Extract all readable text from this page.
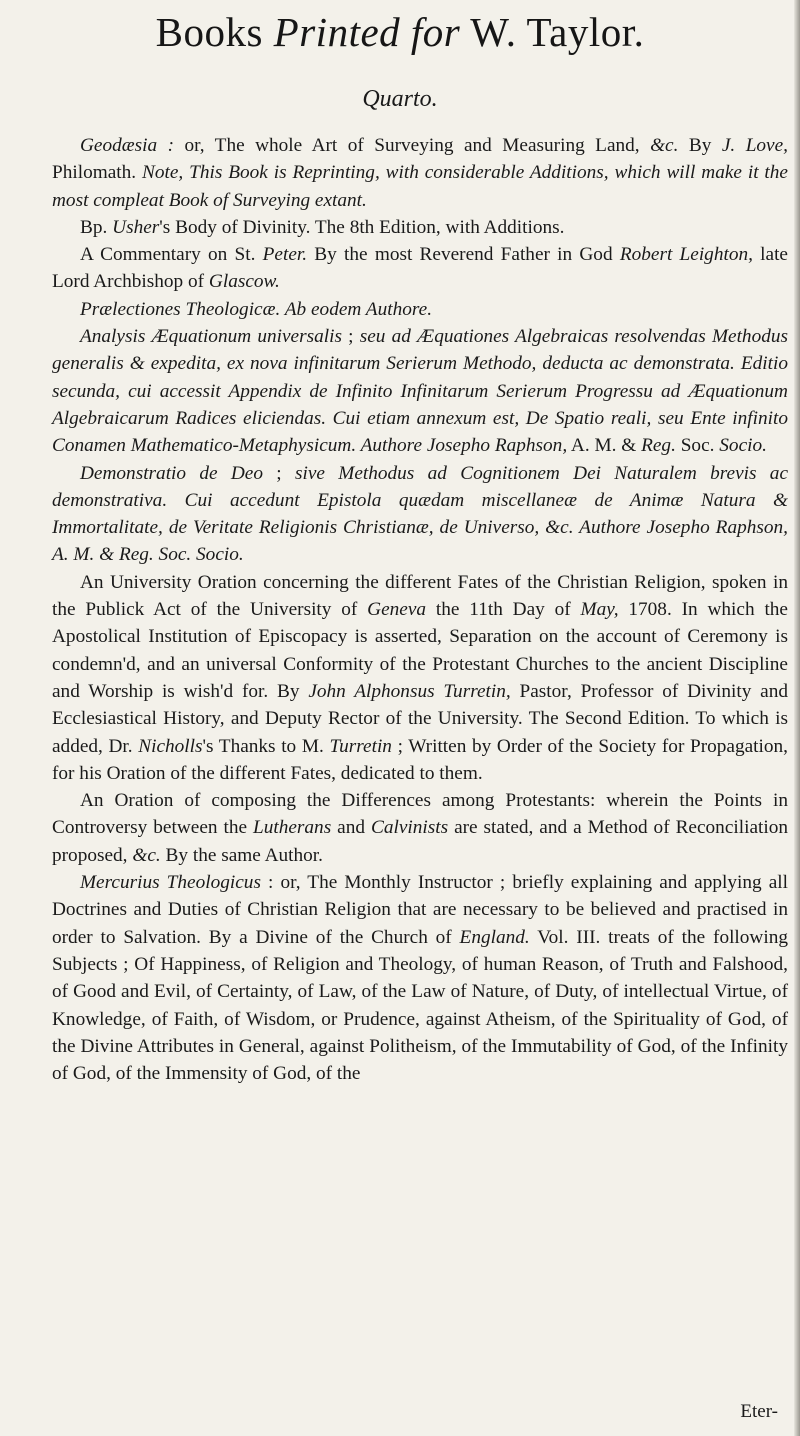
Books Printed for W. Taylor.
Quarto.

Geodæsia : or, The whole Art of Surveying and Measuring Land, &c. By J. Love, Philomath. Note, This Book is Reprinting, with considerable Additions, which will make it the most compleat Book of Surveying extant.

Bp. Usher's Body of Divinity. The 8th Edition, with Additions.

A Commentary on St. Peter. By the most Reverend Father in God Robert Leighton, late Lord Archbishop of Glascow.

Prælectiones Theologicæ. Ab eodem Authore.

Analysis Æquationum universalis ; seu ad Æquationes Algebraicas resolvendas Methodus generalis & expedita, ex nova infinitarum Serierum Methodo, deducta ac demonstrata. Editio secunda, cui accessit Appendix de Infinito Infinitarum Serierum Progressu ad Æquationum Algebraicarum Radices eliciendas. Cui etiam annexum est, De Spatio reali, seu Ente infinito Conamen Mathematico-Metaphysicum. Authore Josepho Raphson, A. M. & Reg. Soc. Socio.

Demonstratio de Deo ; sive Methodus ad Cognitionem Dei Naturalem brevis ac demonstrativa. Cui accedunt Epistola quædam miscellaneæ de Animæ Natura & Immortalitate, de Veritate Religionis Christianæ, de Universo, &c. Authore Josepho Raphson, A. M. & Reg. Soc. Socio.

An University Oration concerning the different Fates of the Christian Religion, spoken in the Publick Act of the University of Geneva the 11th Day of May, 1708. In which the Apostolical Institution of Episcopacy is asserted, Separation on the account of Ceremony is condemn'd, and an universal Conformity of the Protestant Churches to the ancient Discipline and Worship is wish'd for. By John Alphonsus Turretin, Pastor, Professor of Divinity and Ecclesiastical History, and Deputy Rector of the University. The Second Edition. To which is added, Dr. Nicholls's Thanks to M. Turretin ; Written by Order of the Society for Propagation, for his Oration of the different Fates, dedicated to them.

An Oration of composing the Differences among Protestants: wherein the Points in Controversy between the Lutherans and Calvinists are stated, and a Method of Reconciliation proposed, &c. By the same Author.

Mercurius Theologicus : or, The Monthly Instructor ; briefly explaining and applying all Doctrines and Duties of Christian Religion that are necessary to be believed and practised in order to Salvation. By a Divine of the Church of England. Vol. III. treats of the following Subjects ; Of Happiness, of Religion and Theology, of human Reason, of Truth and Falshood, of Good and Evil, of Certainty, of Law, of the Law of Nature, of Duty, of intellectual Virtue, of Knowledge, of Faith, of Wisdom, or Prudence, against Atheism, of the Spirituality of God, of the Divine Attributes in General, against Politheism, of the Immutability of God, of the Infinity of God, of the Immensity of God, of the

Eter-
